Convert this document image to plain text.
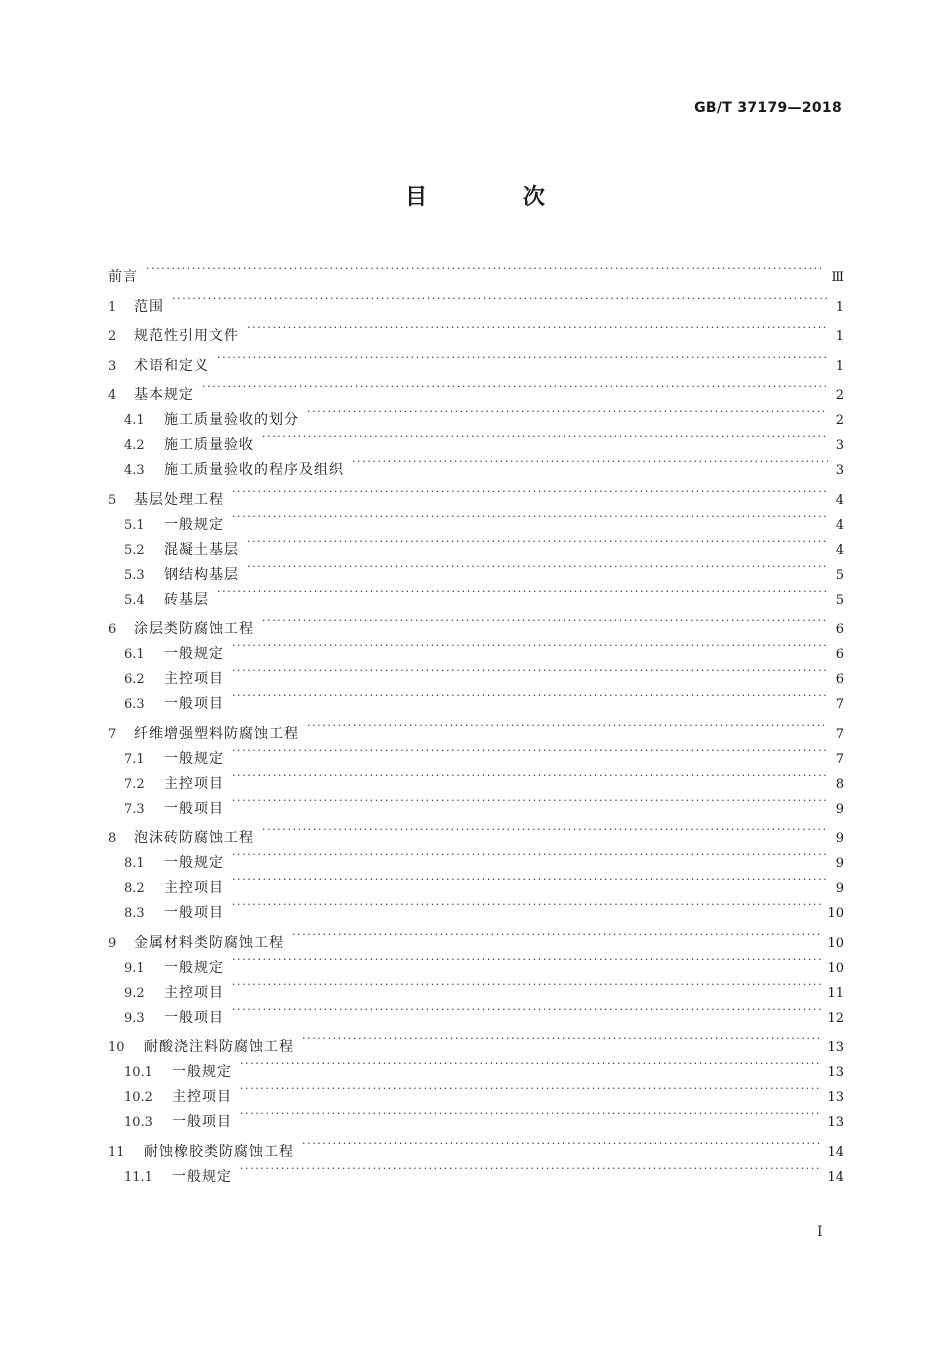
GB/T 37179—2018
目 次
前言 ·····	Ⅲ
1	范围 ·····	1
2	规范性引用文件 ·····	1
3	术语和定义 ·····	1
4	基本规定 ·····	2
4.1	施工质量验收的划分 ·····	2
4.2	施工质量验收 ·····	3
4.3	施工质量验收的程序及组织 ·····	3
5	基层处理工程 ·····	4
5.1	一般规定 ·····	4
5.2	混凝土基层 ·····	4
5.3	钢结构基层 ·····	5
5.4	砖基层 ·····	5
6	涂层类防腐蚀工程 ·····	6
6.1	一般规定 ·····	6
6.2	主控项目 ·····	6
6.3	一般项目 ·····	7
7	纤维增强塑料防腐蚀工程 ·····	7
7.1	一般规定 ·····	7
7.2	主控项目 ·····	8
7.3	一般项目 ·····	9
8	泡沫砖防腐蚀工程 ·····	9
8.1	一般规定 ·····	9
8.2	主控项目 ·····	9
8.3	一般项目 ·····	10
9	金属材料类防腐蚀工程 ·····	10
9.1	一般规定 ·····	10
9.2	主控项目 ·····	11
9.3	一般项目 ·····	12
10	耐酸浇注料防腐蚀工程 ·····	13
10.1	一般规定 ·····	13
10.2	主控项目 ·····	13
10.3	一般项目 ·····	13
11	耐蚀橡胶类防腐蚀工程 ·····	14
11.1	一般规定 ·····	14
I
